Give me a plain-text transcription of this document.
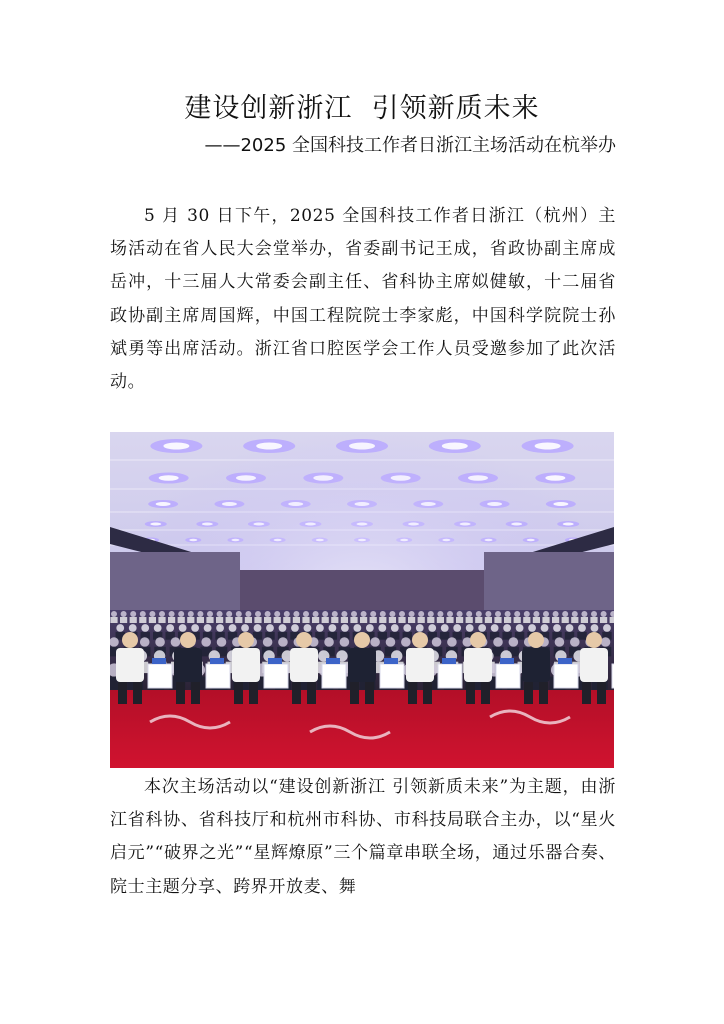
建设创新浙江  引领新质未来
——2025 全国科技工作者日浙江主场活动在杭举办

5 月 30 日下午，2025 全国科技工作者日浙江（杭州）主场活动在省人民大会堂举办，省委副书记王成，省政协副主席成岳冲，十三届人大常委会副主任、省科协主席姒健敏，十二届省政协副主席周国辉，中国工程院院士李家彪，中国科学院院士孙斌勇等出席活动。浙江省口腔医学会工作人员受邀参加了此次活动。

本次主场活动以“建设创新浙江 引领新质未来”为主题，由浙江省科协、省科技厅和杭州市科协、市科技局联合主办，以“星火启元”“破界之光”“星辉燎原”三个篇章串联全场，通过乐器合奏、院士主题分享、跨界开放麦、舞
